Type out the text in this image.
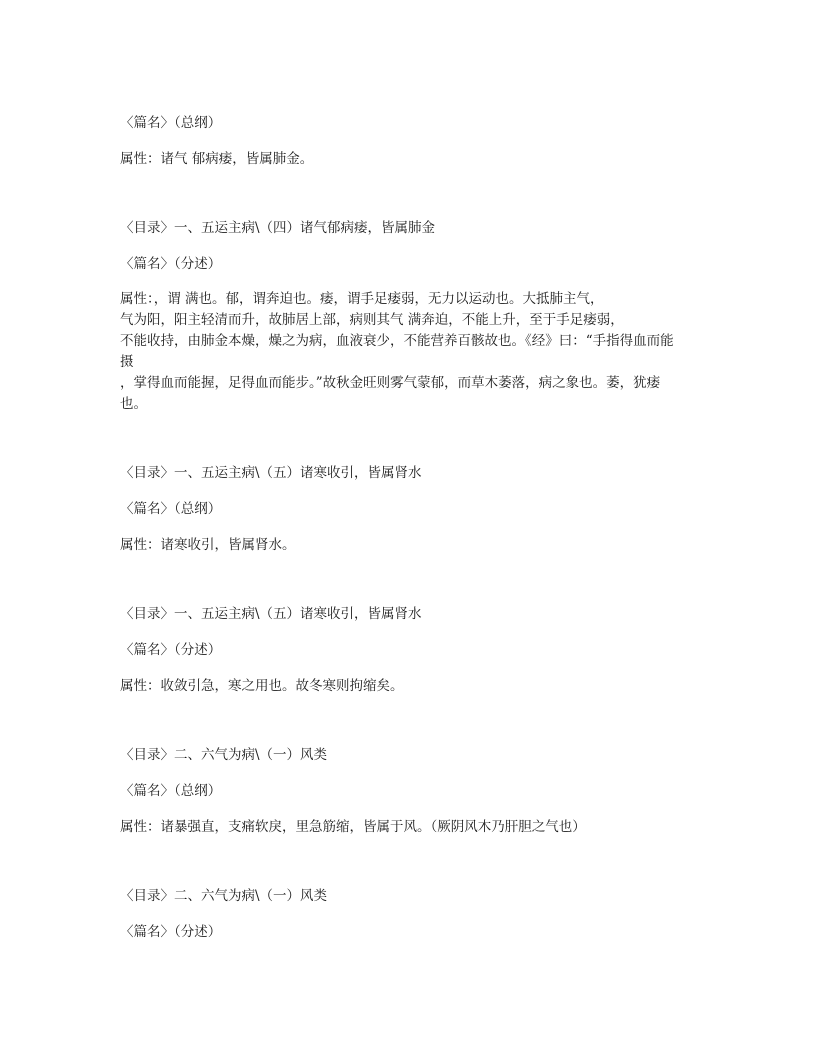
〈篇名〉（总纲）

属性：诸气 郁病痿，皆属肺金。

〈目录〉一、五运主病\（四）诸气郁病痿，皆属肺金

〈篇名〉（分述）

属性：，谓 满也。郁，谓奔迫也。痿，谓手足痿弱，无力以运动也。大抵肺主气，

气为阳，阳主轻清而升，故肺居上部，病则其气 满奔迫，不能上升，至于手足痿弱，

不能收持，由肺金本燥，燥之为病，血液衰少，不能营养百骸故也。《经》曰：“手指得血而能

摄

，掌得血而能握，足得血而能步。”故秋金旺则雾气蒙郁，而草木萎落，病之象也。萎，犹痿

也。

〈目录〉一、五运主病\（五）诸寒收引，皆属肾水

〈篇名〉（总纲）

属性：诸寒收引，皆属肾水。

〈目录〉一、五运主病\（五）诸寒收引，皆属肾水

〈篇名〉（分述）

属性：收敛引急，寒之用也。故冬寒则拘缩矣。

〈目录〉二、六气为病\（一）风类

〈篇名〉（总纲）

属性：诸暴强直，支痛软戾，里急筋缩，皆属于风。（厥阴风木乃肝胆之气也）

〈目录〉二、六气为病\（一）风类

〈篇名〉（分述）
